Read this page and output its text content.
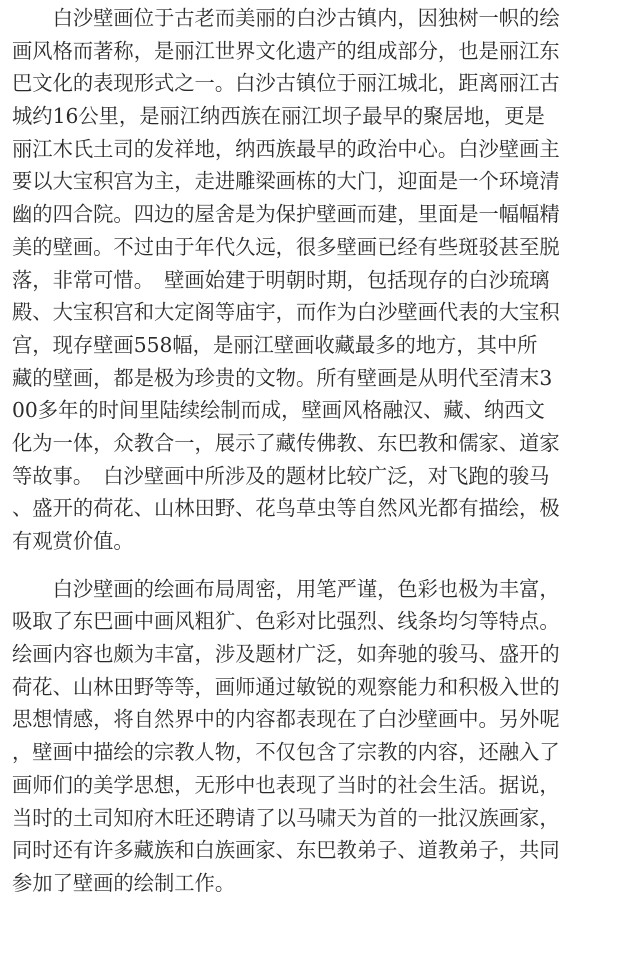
　　白沙壁画位于古老而美丽的白沙古镇内，因独树一帜的绘
画风格而著称，是丽江世界文化遗产的组成部分，也是丽江东
巴文化的表现形式之一。白沙古镇位于丽江城北，距离丽江古
城约16公里，是丽江纳西族在丽江坝子最早的聚居地，更是
丽江木氏土司的发祥地，纳西族最早的政治中心。白沙壁画主
要以大宝积宫为主，走进雕梁画栋的大门，迎面是一个环境清
幽的四合院。四边的屋舍是为保护壁画而建，里面是一幅幅精
美的壁画。不过由于年代久远，很多壁画已经有些斑驳甚至脱
落，非常可惜。　壁画始建于明朝时期，包括现存的白沙琉璃
殿、大宝积宫和大定阁等庙宇，而作为白沙壁画代表的大宝积
宫，现存壁画558幅，是丽江壁画收藏最多的地方，其中所
藏的壁画，都是极为珍贵的文物。所有壁画是从明代至清末3
00多年的时间里陆续绘制而成，壁画风格融汉、藏、纳西文
化为一体，众教合一，展示了藏传佛教、东巴教和儒家、道家
等故事。　白沙壁画中所涉及的题材比较广泛，对飞跑的骏马
、盛开的荷花、山林田野、花鸟草虫等自然风光都有描绘，极
有观赏价值。
　　白沙壁画的绘画布局周密，用笔严谨，色彩也极为丰富，
吸取了东巴画中画风粗犷、色彩对比强烈、线条均匀等特点。
绘画内容也颇为丰富，涉及题材广泛，如奔驰的骏马、盛开的
荷花、山林田野等等，画师通过敏锐的观察能力和积极入世的
思想情感，将自然界中的内容都表现在了白沙壁画中。另外呢
，壁画中描绘的宗教人物，不仅包含了宗教的内容，还融入了
画师们的美学思想，无形中也表现了当时的社会生活。据说，
当时的土司知府木旺还聘请了以马啸天为首的一批汉族画家，
同时还有许多藏族和白族画家、东巴教弟子、道教弟子，共同
参加了壁画的绘制工作。
